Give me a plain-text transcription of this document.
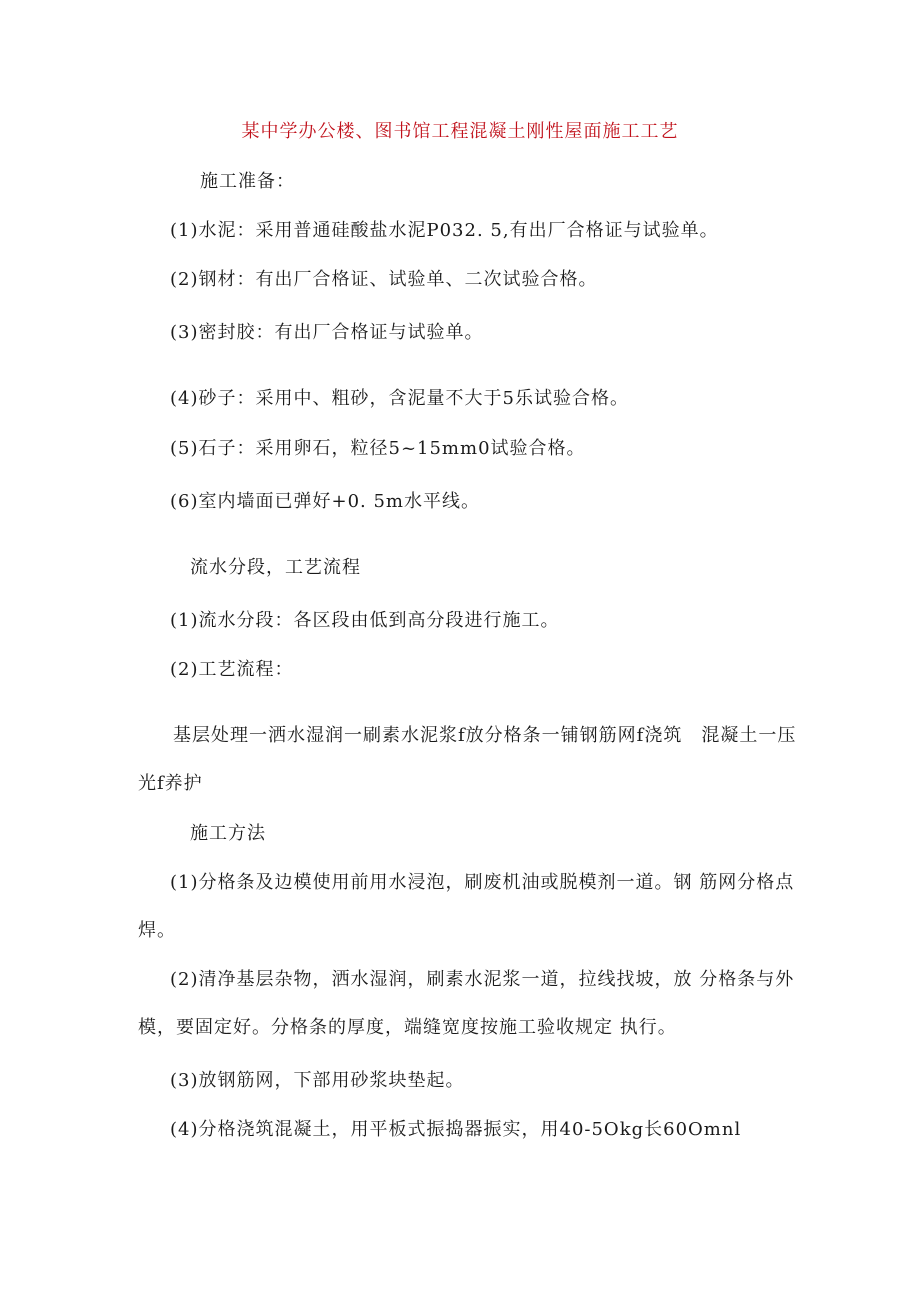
某中学办公楼、图书馆工程混凝土刚性屋面施工工艺
施工准备：
(1)水泥：采用普通硅酸盐水泥P032. 5,有出厂合格证与试验单。
(2)钢材：有出厂合格证、试验单、二次试验合格。
(3)密封胶：有出厂合格证与试验单。
(4)砂子：采用中、粗砂，含泥量不大于5乐试验合格。
(5)石子：采用卵石，粒径5~15mm0试验合格。
(6)室内墙面已弹好+0. 5m水平线。
流水分段，工艺流程
(1)流水分段：各区段由低到高分段进行施工。
(2)工艺流程：
基层处理一洒水湿润一刷素水泥浆f放分格条一铺钢筋网f浇筑　混凝土一压
光f养护
施工方法
(1)分格条及边模使用前用水浸泡，刷废机油或脱模剂一道。钢 筋网分格点
焊。
(2)清净基层杂物，洒水湿润，刷素水泥浆一道，拉线找坡，放 分格条与外
模，要固定好。分格条的厚度，端缝宽度按施工验收规定 执行。
(3)放钢筋网，下部用砂浆块垫起。
(4)分格浇筑混凝土，用平板式振捣器振实，用40-5Okg长60Omnl
